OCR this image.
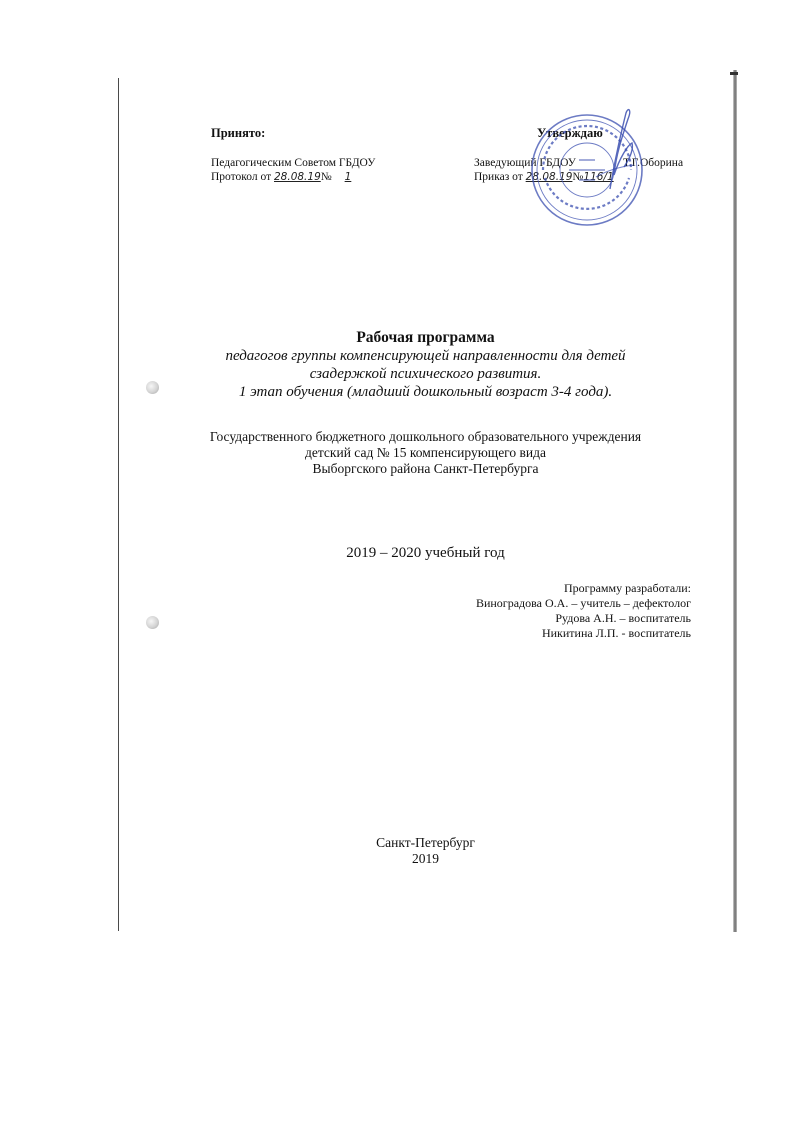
Принято:
Педагогическим Советом ГБДОУ
Протокол от 28.08.19№ 1
Утверждаю
Заведующий ГБДОУ	Т.Г.Оборина
Приказ от 28.08.19№116/1
Рабочая программа
педагогов группы компенсирующей направленности для детей
сзадержкой психического развития.
1 этап обучения (младший дошкольный возраст 3-4 года).
Государственного бюджетного дошкольного образовательного учреждения
детский сад № 15 компенсирующего вида
Выборгского района Санкт-Петербурга
2019 – 2020 учебный год
Программу разработали:
Виноградова О.А. – учитель – дефектолог
Рудова А.Н. – воспитатель
Никитина Л.П. - воспитатель
Санкт-Петербург
2019
